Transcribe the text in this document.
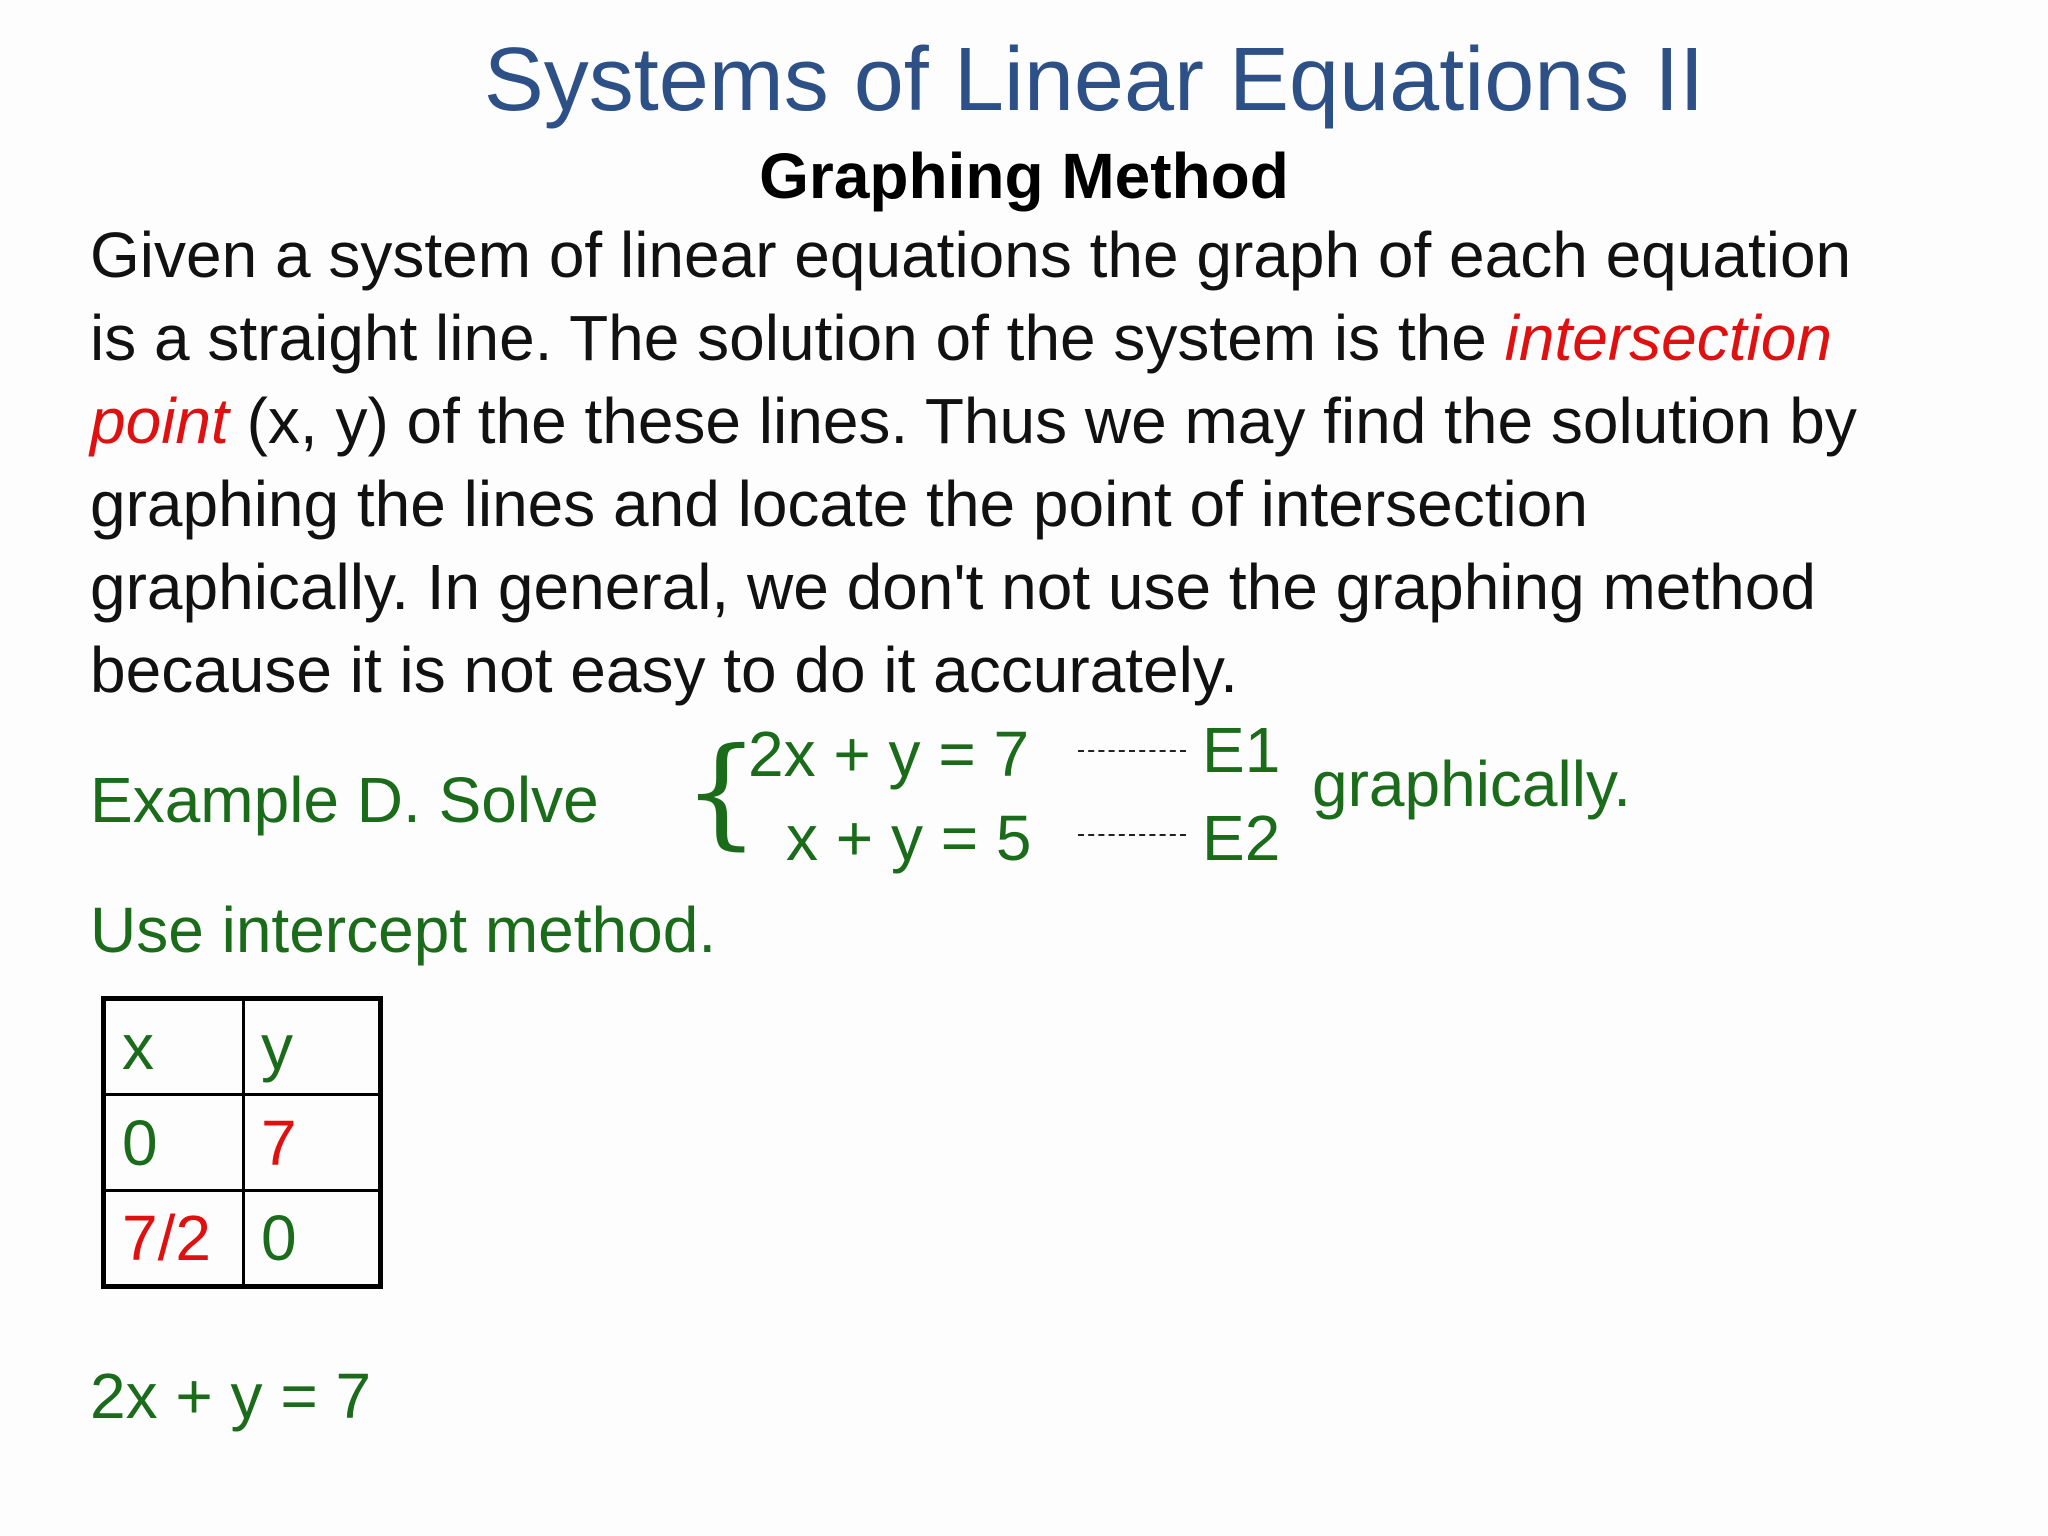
Systems of Linear Equations II
Graphing Method
Given a system of linear equations the graph of each equation
is a straight line. The solution of the system is the intersection
point (x, y) of the these lines. Thus we may find the solution by
graphing the lines and locate the point of intersection
graphically. In general, we don't not use the graphing method
because it is not easy to do it accurately.
Example D. Solve {
2x + y = 7
x + y = 5
E1
E2
graphically.
Use intercept method.
x	y
0	7
7/2	0
2x + y = 7
